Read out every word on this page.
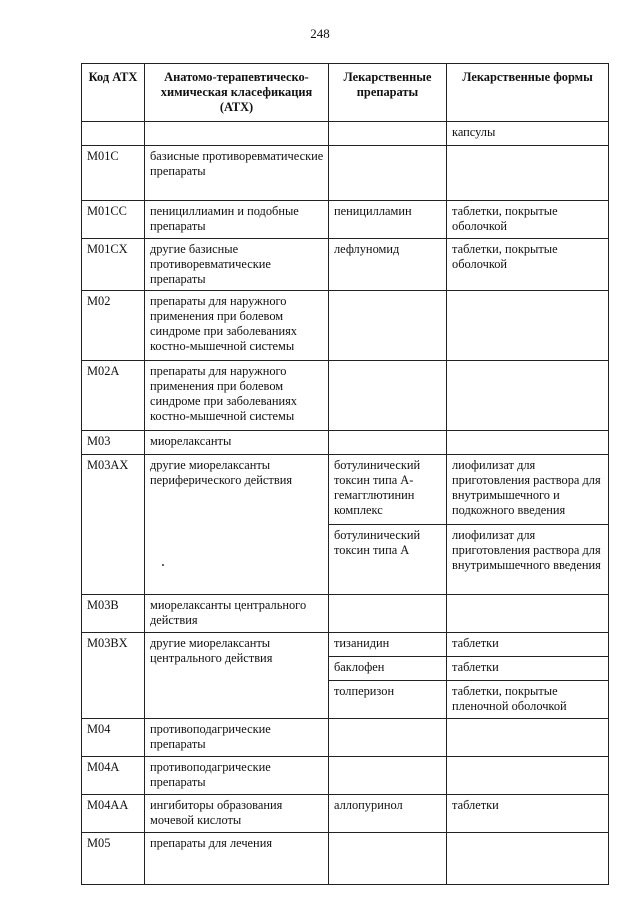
248
Код АТХ	Анатомо-терапевтическо-химическая класефикация (АТХ)	Лекарственные препараты	Лекарственные формы
			капсулы
M01C	базисные противоревматические препараты		
M01CC	пенициллиамин и подобные препараты	пеницилламин	таблетки, покрытые оболочкой
M01CX	другие базисные противоревматические препараты	лефлуномид	таблетки, покрытые оболочкой
M02	препараты для наружного применения при болевом синдроме при заболеваниях костно-мышечной системы		
M02A	препараты для наружного применения при болевом синдроме при заболеваниях костно-мышечной системы		
M03	миорелаксанты		
M03AX	другие миорелаксанты периферического действия	ботулинический токсин типа А-гемагглютинин комплекс	лиофилизат для приготовления раствора для внутримышечного и подкожного введения
		ботулинический токсин типа А	лиофилизат для приготовления раствора для внутримышечного введения
M03B	миорелаксанты центрального действия		
M03BX	другие миорелаксанты центрального действия	тизанидин	таблетки
		баклофен	таблетки
		толперизон	таблетки, покрытые пленочной оболочкой
M04	противоподагрические препараты		
M04A	противоподагрические препараты		
M04AA	ингибиторы образования мочевой кислоты	аллопуринол	таблетки
M05	препараты для лечения		
